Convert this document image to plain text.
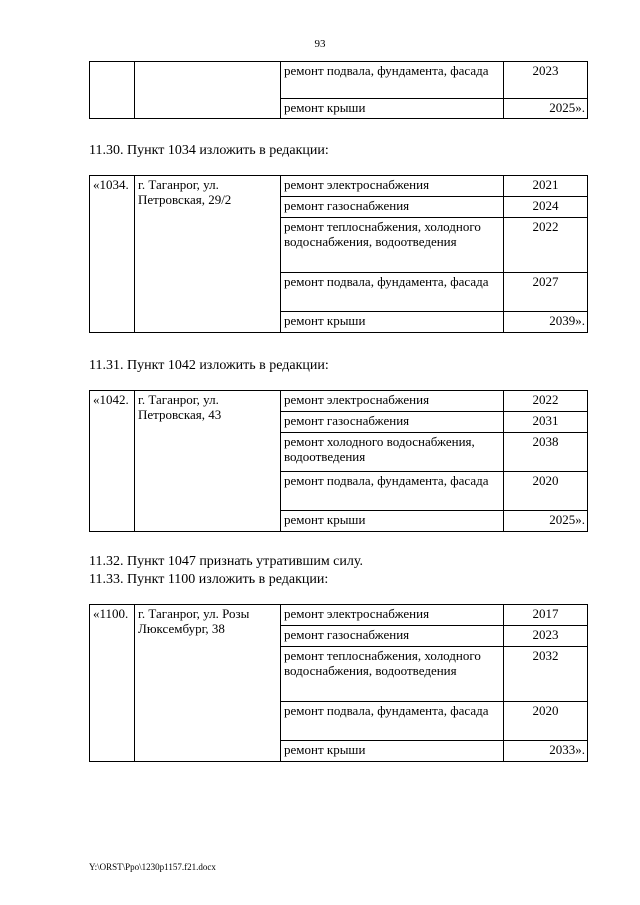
93
		ремонт подвала, фундамента, фасада	2023
		ремонт крыши	2025».
11.30. Пункт 1034 изложить в редакции:
«1034.	г. Таганрог, ул. Петровская, 29/2	ремонт электроснабжения	2021
		ремонт газоснабжения	2024
		ремонт теплоснабжения, холодного водоснабжения, водоотведения	2022
		ремонт подвала, фундамента, фасада	2027
		ремонт крыши	2039».
11.31. Пункт 1042 изложить в редакции:
«1042.	г. Таганрог, ул. Петровская, 43	ремонт электроснабжения	2022
		ремонт газоснабжения	2031
		ремонт холодного водоснабжения, водоотведения	2038
		ремонт подвала, фундамента, фасада	2020
		ремонт крыши	2025».
11.32. Пункт 1047 признать утратившим силу.
11.33. Пункт 1100 изложить в редакции:
«1100.	г. Таганрог, ул. Розы Люксембург, 38	ремонт электроснабжения	2017
		ремонт газоснабжения	2023
		ремонт теплоснабжения, холодного водоснабжения, водоотведения	2032
		ремонт подвала, фундамента, фасада	2020
		ремонт крыши	2033».
Y:\ORST\Ppo\1230p1157.f21.docx
